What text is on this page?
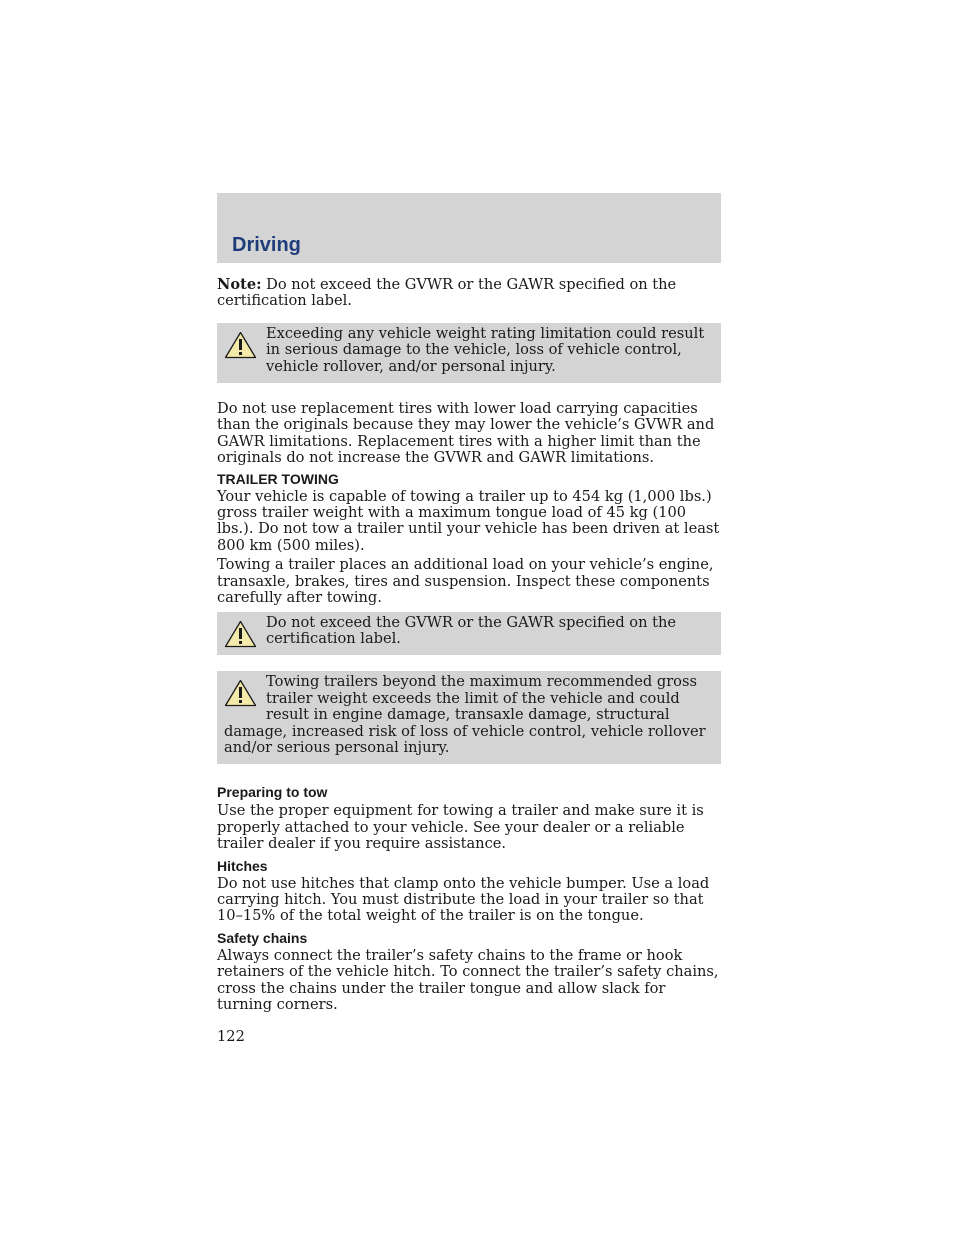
Driving

Note: Do not exceed the GVWR or the GAWR specified on the certification label.

Exceeding any vehicle weight rating limitation could result in serious damage to the vehicle, loss of vehicle control, vehicle rollover, and/or personal injury.

Do not use replacement tires with lower load carrying capacities than the originals because they may lower the vehicle’s GVWR and GAWR limitations. Replacement tires with a higher limit than the originals do not increase the GVWR and GAWR limitations.

TRAILER TOWING

Your vehicle is capable of towing a trailer up to 454 kg (1,000 lbs.) gross trailer weight with a maximum tongue load of 45 kg (100 lbs.). Do not tow a trailer until your vehicle has been driven at least 800 km (500 miles).

Towing a trailer places an additional load on your vehicle’s engine, transaxle, brakes, tires and suspension. Inspect these components carefully after towing.

Do not exceed the GVWR or the GAWR specified on the certification label.
Towing trailers beyond the maximum recommended gross trailer weight exceeds the limit of the vehicle and could result in engine damage, transaxle damage, structural damage, increased risk of loss of vehicle control, vehicle rollover and/or serious personal injury.
Preparing to tow

Use the proper equipment for towing a trailer and make sure it is properly attached to your vehicle. See your dealer or a reliable trailer dealer if you require assistance.

Hitches

Do not use hitches that clamp onto the vehicle bumper. Use a load carrying hitch. You must distribute the load in your trailer so that 10–15% of the total weight of the trailer is on the tongue.

Safety chains

Always connect the trailer’s safety chains to the frame or hook retainers of the vehicle hitch. To connect the trailer’s safety chains, cross the chains under the trailer tongue and allow slack for turning corners.

122
